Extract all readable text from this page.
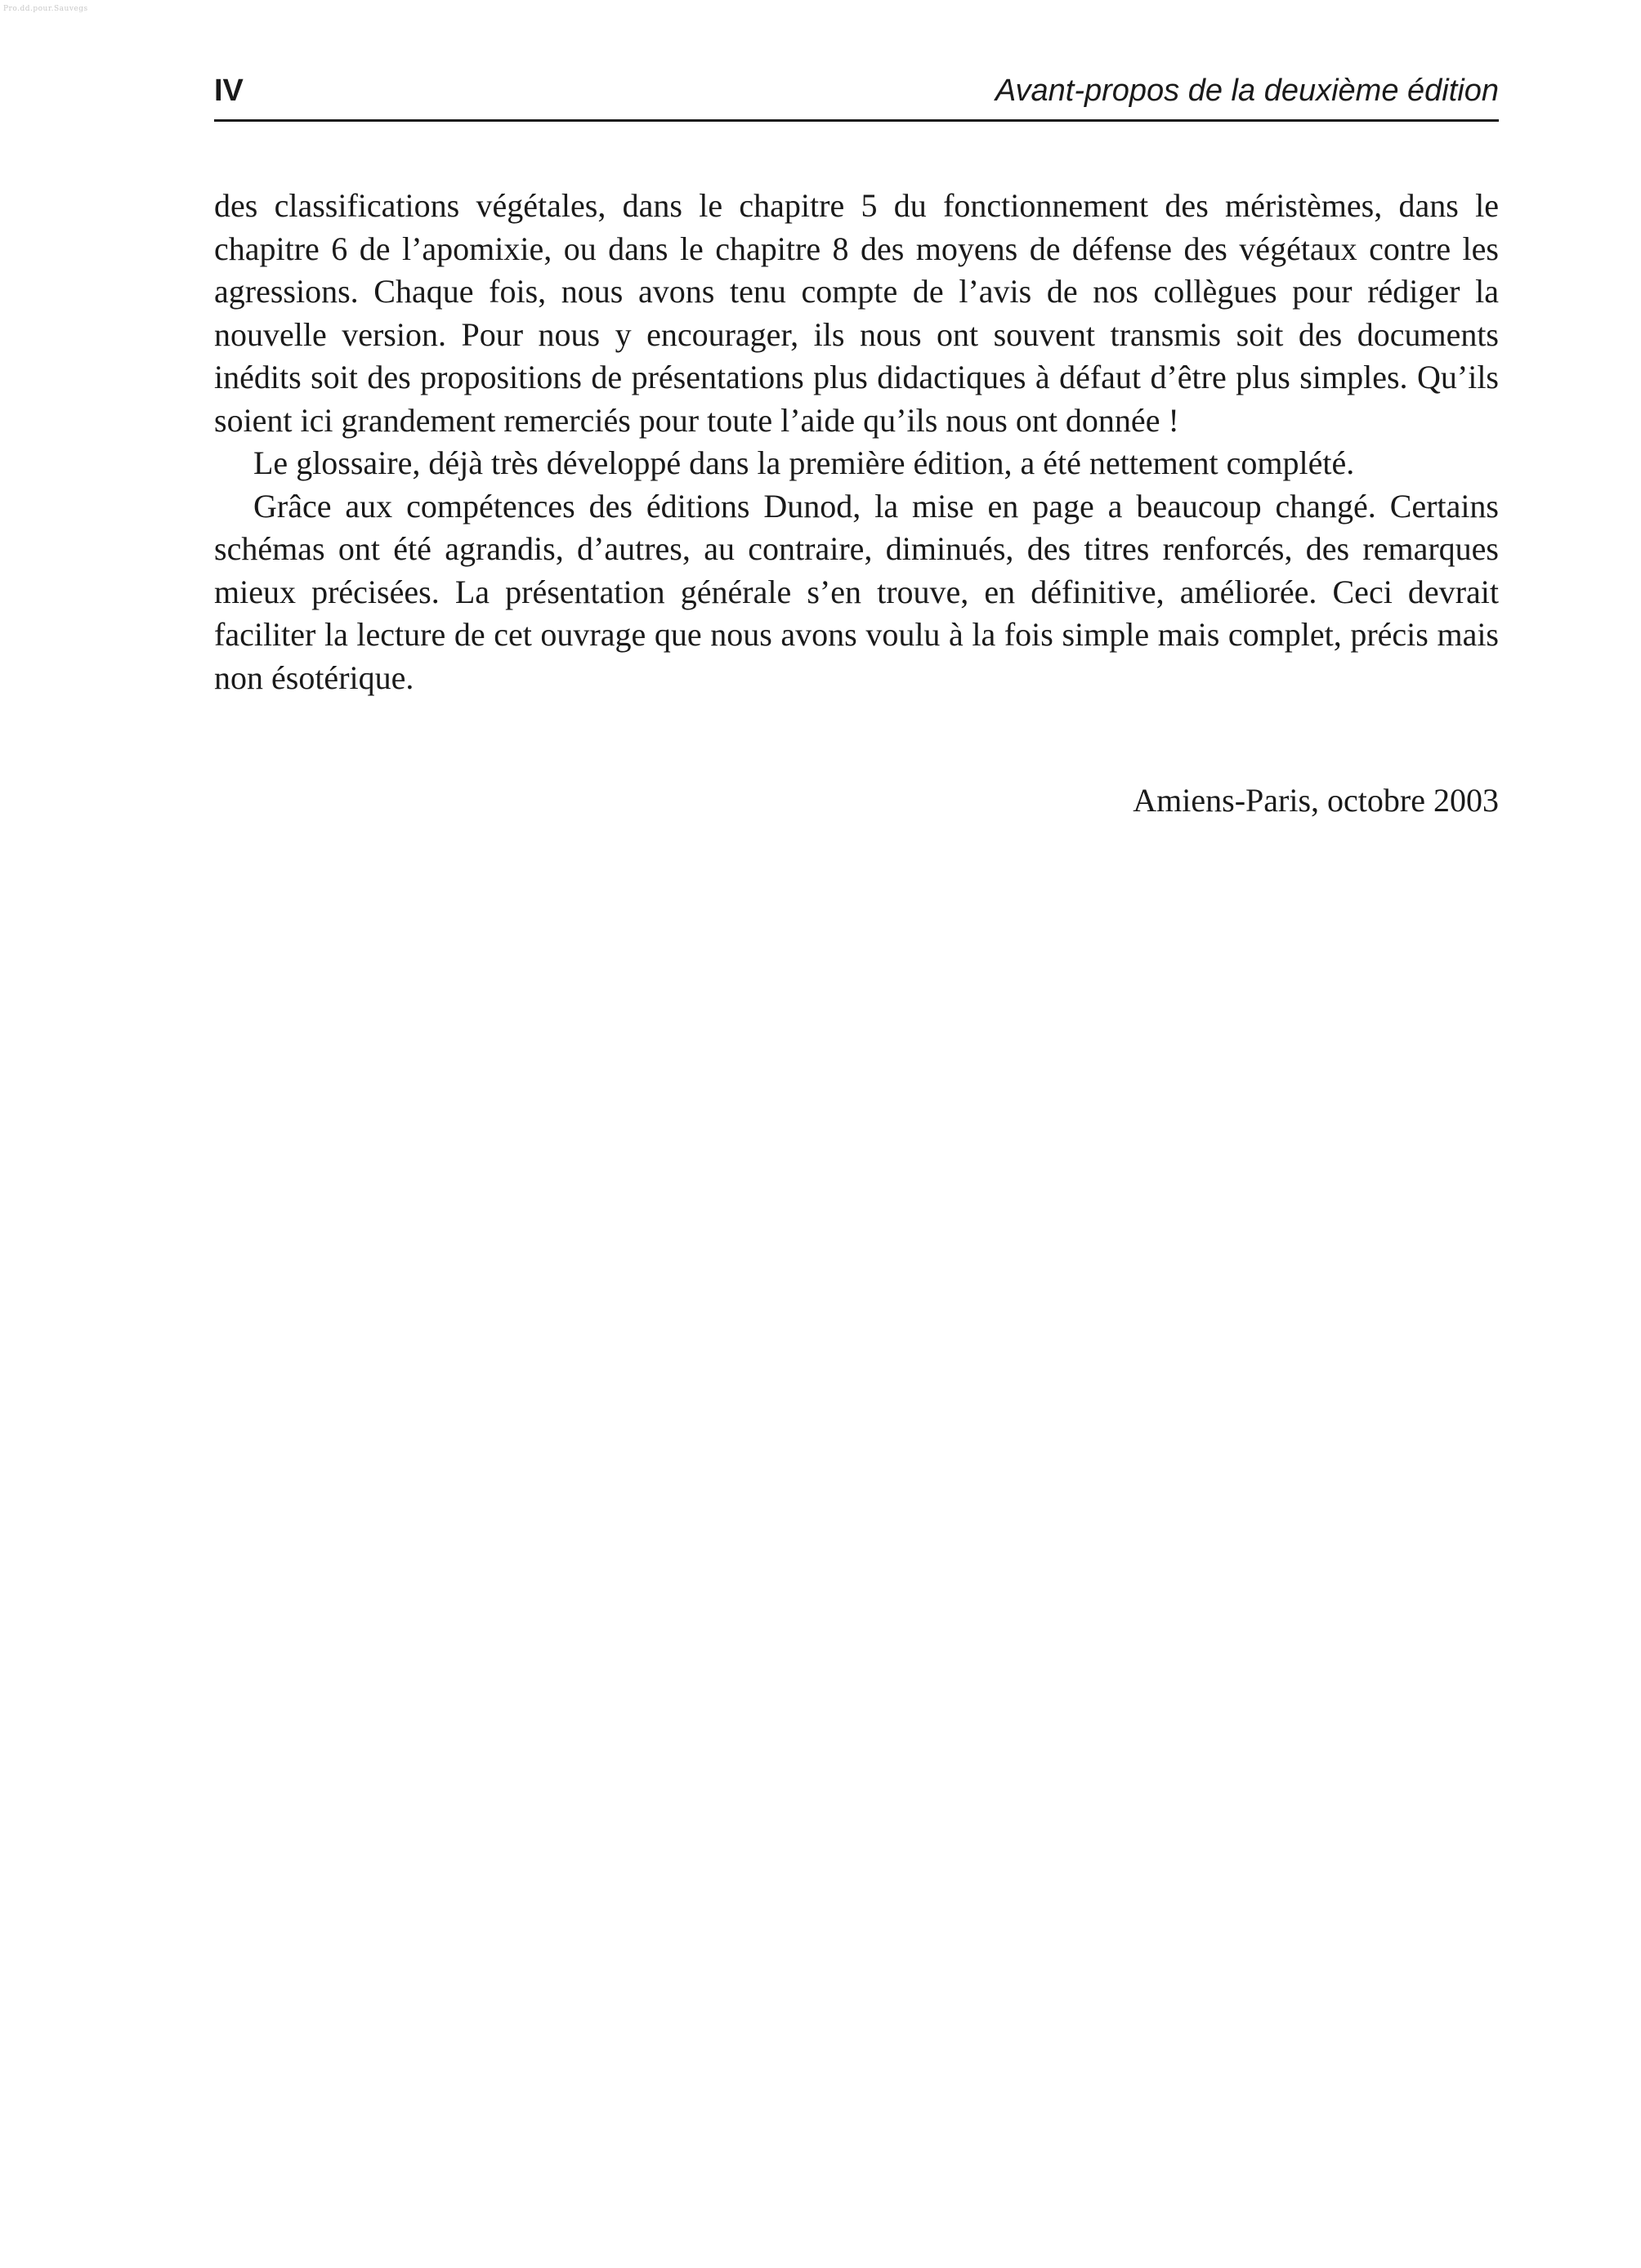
Pro.dd.pour.Sauvegs
IV	Avant-propos de la deuxième édition

des classifications végétales, dans le chapitre 5 du fonctionnement des méristèmes, dans le chapitre 6 de l’apomixie, ou dans le chapitre 8 des moyens de défense des végétaux contre les agressions. Chaque fois, nous avons tenu compte de l’avis de nos collègues pour rédiger la nouvelle version. Pour nous y encourager, ils nous ont souvent transmis soit des documents inédits soit des propositions de présentations plus didactiques à défaut d’être plus simples. Qu’ils soient ici grandement remerciés pour toute l’aide qu’ils nous ont donnée !

Le glossaire, déjà très développé dans la première édition, a été nettement complété.

Grâce aux compétences des éditions Dunod, la mise en page a beaucoup changé. Certains schémas ont été agrandis, d’autres, au contraire, diminués, des titres renforcés, des remarques mieux précisées. La présentation générale s’en trouve, en définitive, améliorée. Ceci devrait faciliter la lecture de cet ouvrage que nous avons voulu à la fois simple mais complet, précis mais non ésotérique.

Amiens-Paris, octobre 2003
